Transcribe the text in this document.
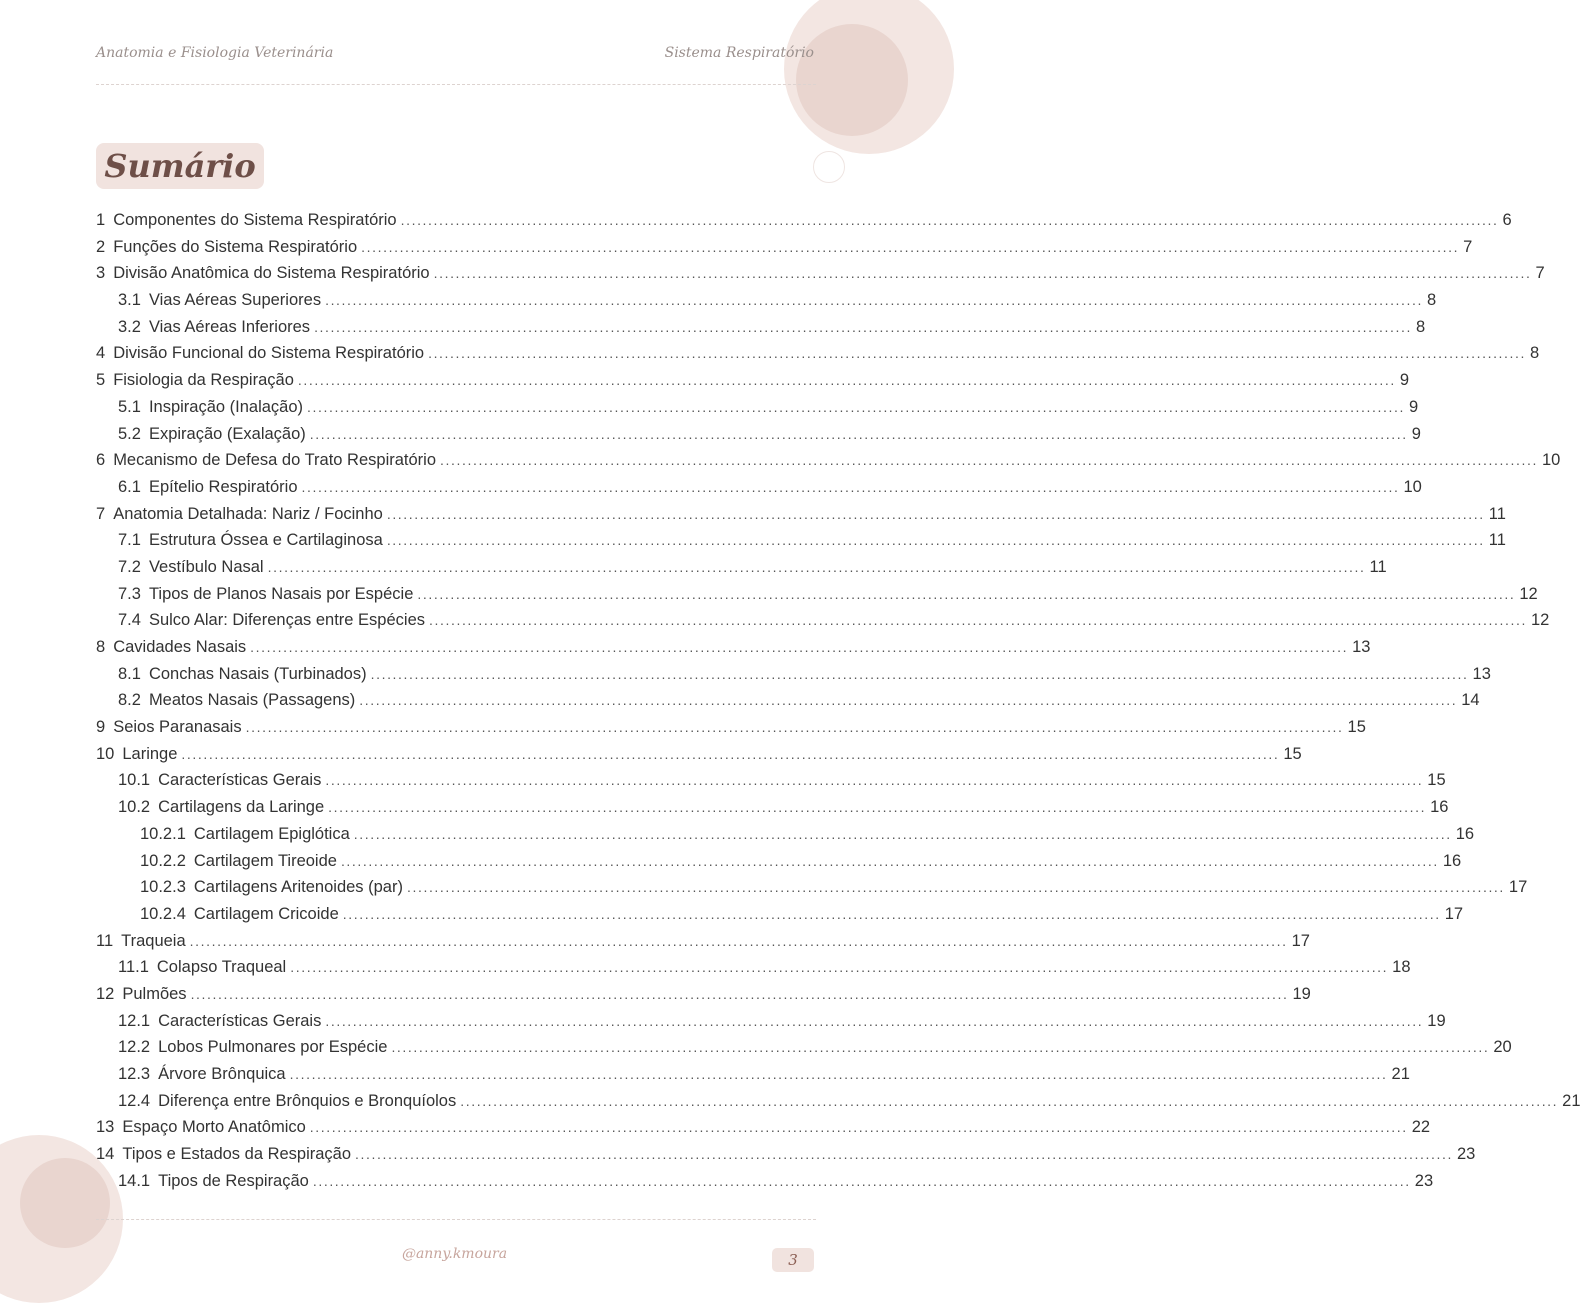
Anatomia e Fisiologia Veterinária	Sistema Respiratório
Sumário
1 Componentes do Sistema Respiratório ........................................................................................................................................................................................................ 6
2 Funções do Sistema Respiratório ........................................................................................................................................................................................................ 7
3 Divisão Anatômica do Sistema Respiratório ........................................................................................................................................................................................................ 7
3.1 Vias Aéreas Superiores ........................................................................................................................................................................................................ 8
3.2 Vias Aéreas Inferiores ........................................................................................................................................................................................................ 8
4 Divisão Funcional do Sistema Respiratório ........................................................................................................................................................................................................ 8
5 Fisiologia da Respiração ........................................................................................................................................................................................................ 9
5.1 Inspiração (Inalação) ........................................................................................................................................................................................................ 9
5.2 Expiração (Exalação) ........................................................................................................................................................................................................ 9
6 Mecanismo de Defesa do Trato Respiratório ........................................................................................................................................................................................................ 10
6.1 Epítelio Respiratório ........................................................................................................................................................................................................ 10
7 Anatomia Detalhada: Nariz / Focinho ........................................................................................................................................................................................................ 11
7.1 Estrutura Óssea e Cartilaginosa ........................................................................................................................................................................................................ 11
7.2 Vestíbulo Nasal ........................................................................................................................................................................................................ 11
7.3 Tipos de Planos Nasais por Espécie ........................................................................................................................................................................................................ 12
7.4 Sulco Alar: Diferenças entre Espécies ........................................................................................................................................................................................................ 12
8 Cavidades Nasais ........................................................................................................................................................................................................ 13
8.1 Conchas Nasais (Turbinados) ........................................................................................................................................................................................................ 13
8.2 Meatos Nasais (Passagens) ........................................................................................................................................................................................................ 14
9 Seios Paranasais ........................................................................................................................................................................................................ 15
10 Laringe ........................................................................................................................................................................................................ 15
10.1 Características Gerais ........................................................................................................................................................................................................ 15
10.2 Cartilagens da Laringe ........................................................................................................................................................................................................ 16
10.2.1 Cartilagem Epiglótica ........................................................................................................................................................................................................ 16
10.2.2 Cartilagem Tireoide ........................................................................................................................................................................................................ 16
10.2.3 Cartilagens Aritenoides (par) ........................................................................................................................................................................................................ 17
10.2.4 Cartilagem Cricoide ........................................................................................................................................................................................................ 17
11 Traqueia ........................................................................................................................................................................................................ 17
11.1 Colapso Traqueal ........................................................................................................................................................................................................ 18
12 Pulmões ........................................................................................................................................................................................................ 19
12.1 Características Gerais ........................................................................................................................................................................................................ 19
12.2 Lobos Pulmonares por Espécie ........................................................................................................................................................................................................ 20
12.3 Árvore Brônquica ........................................................................................................................................................................................................ 21
12.4 Diferença entre Brônquios e Bronquíolos ........................................................................................................................................................................................................ 21
13 Espaço Morto Anatômico ........................................................................................................................................................................................................ 22
14 Tipos e Estados da Respiração ........................................................................................................................................................................................................ 23
14.1 Tipos de Respiração ........................................................................................................................................................................................................ 23
@anny.kmoura	3
